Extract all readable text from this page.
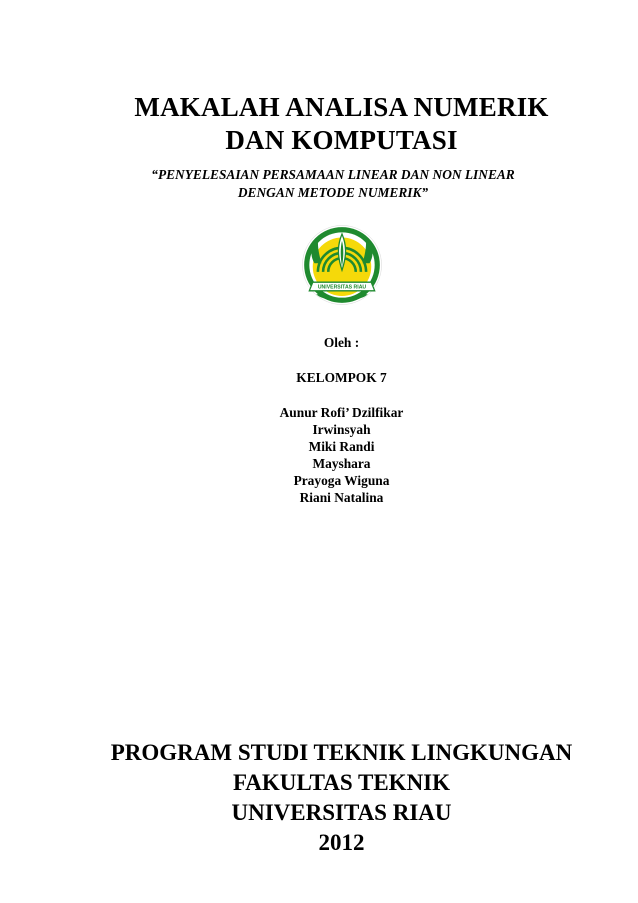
MAKALAH ANALISA NUMERIK
DAN KOMPUTASI
“PENYELESAIAN PERSAMAAN LINEAR DAN NON LINEAR
DENGAN METODE NUMERIK”
UNIVERSITAS RIAU
Oleh :
KELOMPOK 7
Aunur Rofi’ Dzilfikar
Irwinsyah
Miki Randi
Mayshara
Prayoga Wiguna
Riani Natalina
PROGRAM STUDI TEKNIK LINGKUNGAN
FAKULTAS TEKNIK
UNIVERSITAS RIAU
2012
